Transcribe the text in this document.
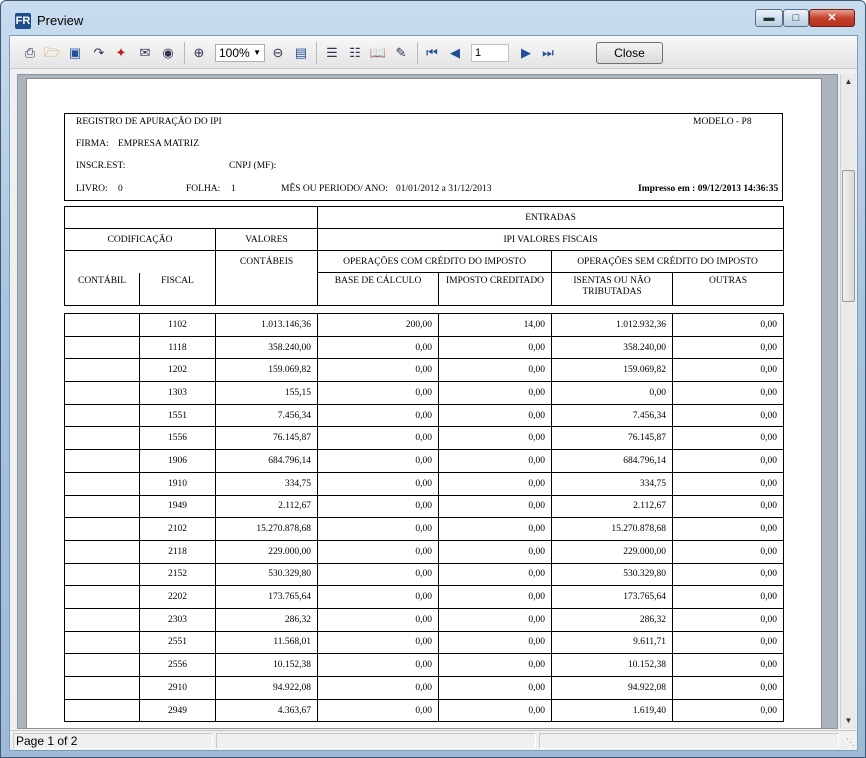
FR Preview	▬	□	✕
⎙ 🗁 ▣ ↷ ✦ ✉ ◉ ⊕	100% ▼ ⊖ ▤ ☰ ☷ 📖 ✎ ⏮ ◀	1	▶ ⏭	Close
REGISTRO DE APURAÇÃO DO IPI	MODELO - P8
FIRMA: EMPRESA MATRIZ
INSCR.EST:	CNPJ (MF):
LIVRO: 0	FOLHA: 1	MÊS OU PERIODO/ ANO: 01/01/2012 a 31/12/2013	Impresso em : 09/12/2013 14:36:35
			ENTRADAS			
CODIFICAÇÃO		VALORES	IPI VALORES FISCAIS			
		CONTÁBEIS	OPERAÇÕES COM CRÉDITO DO IMPOSTO		OPERAÇÕES SEM CRÉDITO DO IMPOSTO	
CONTÁBIL	FISCAL		BASE DE CÁLCULO	IMPOSTO CREDITADO	ISENTAS OU NÃO
TRIBUTADAS	OUTRAS
	1102	1.013.146,36	200,00	14,00	1.012.932,36	0,00
	1118	358.240,00	0,00	0,00	358.240,00	0,00
	1202	159.069,82	0,00	0,00	159.069,82	0,00
	1303	155,15	0,00	0,00	0,00	0,00
	1551	7.456,34	0,00	0,00	7.456,34	0,00
	1556	76.145,87	0,00	0,00	76.145,87	0,00
	1906	684.796,14	0,00	0,00	684.796,14	0,00
	1910	334,75	0,00	0,00	334,75	0,00
	1949	2.112,67	0,00	0,00	2.112,67	0,00
	2102	15.270.878,68	0,00	0,00	15.270.878,68	0,00
	2118	229.000,00	0,00	0,00	229.000,00	0,00
	2152	530.329,80	0,00	0,00	530.329,80	0,00
	2202	173.765,64	0,00	0,00	173.765,64	0,00
	2303	286,32	0,00	0,00	286,32	0,00
	2551	11.568,01	0,00	0,00	9.611,71	0,00
	2556	10.152,38	0,00	0,00	10.152,38	0,00
	2910	94.922,08	0,00	0,00	94.922,08	0,00
	2949	4.363,67	0,00	0,00	1.619,40	0,00
▲
▼
Page 1 of 2	⋱
